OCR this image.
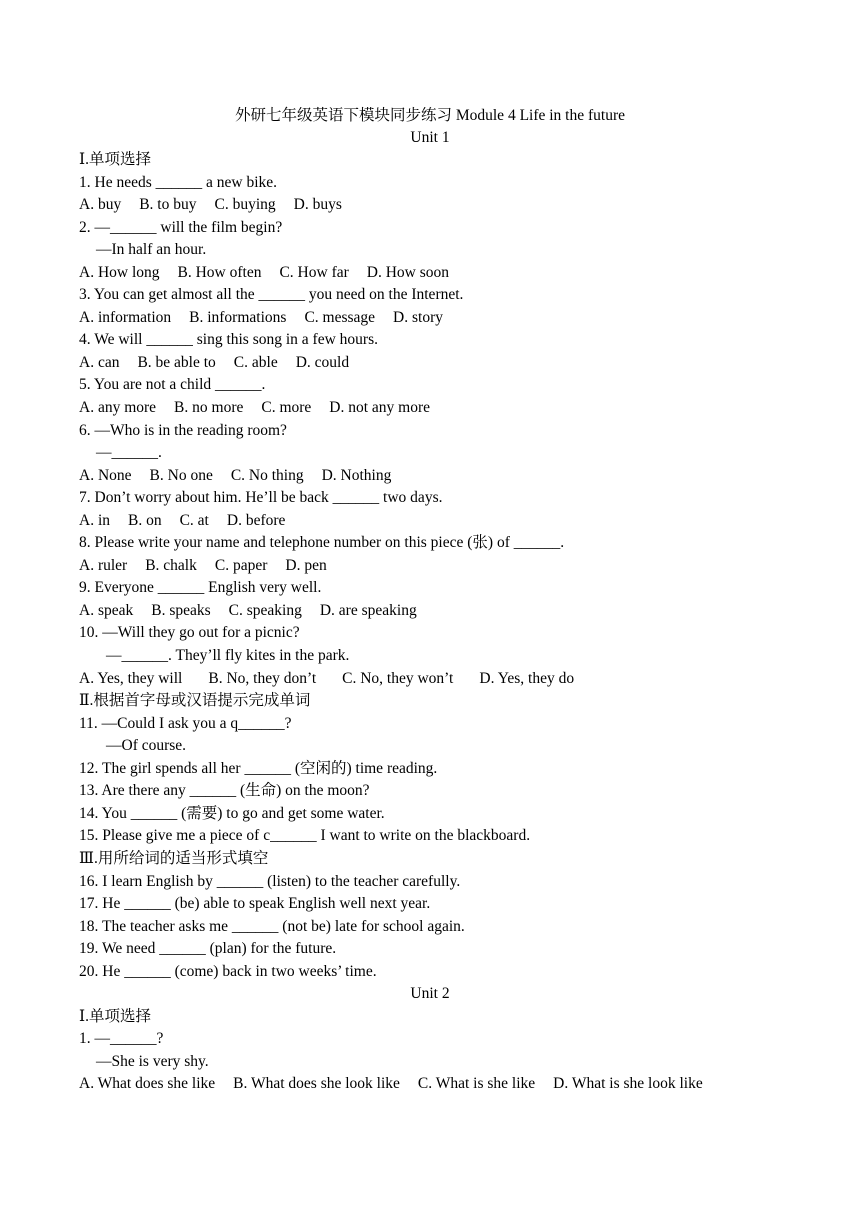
外研七年级英语下模块同步练习 Module 4 Life in the future
Unit 1
Ⅰ.单项选择
1. He needs ______ a new bike.
A. buy B. to buy C. buying D. buys
2. —______ will the film begin?
—In half an hour.
A. How long B. How often C. How far D. How soon
3. You can get almost all the ______ you need on the Internet.
A. information B. informations C. message D. story
4. We will ______ sing this song in a few hours.
A. can B. be able to C. able D. could
5. You are not a child ______.
A. any more B. no more C. more D. not any more
6. —Who is in the reading room?
—______.
A. None B. No one C. No thing D. Nothing
7. Don’t worry about him. He’ll be back ______ two days.
A. in B. on C. at D. before
8. Please write your name and telephone number on this piece (张) of ______.
A. ruler B. chalk C. paper D. pen
9. Everyone ______ English very well.
A. speak B. speaks C. speaking D. are speaking
10. —Will they go out for a picnic?
—______. They’ll fly kites in the park.
A. Yes, they will B. No, they don’t C. No, they won’t D. Yes, they do
Ⅱ.根据首字母或汉语提示完成单词
11. —Could I ask you a q______?
—Of course.
12. The girl spends all her ______ (空闲的) time reading.
13. Are there any ______ (生命) on the moon?
14. You ______ (需要) to go and get some water.
15. Please give me a piece of c______ I want to write on the blackboard.
Ⅲ.用所给词的适当形式填空
16. I learn English by ______ (listen) to the teacher carefully.
17. He ______ (be) able to speak English well next year.
18. The teacher asks me ______ (not be) late for school again.
19. We need ______ (plan) for the future.
20. He ______ (come) back in two weeks’ time.
Unit 2
Ⅰ.单项选择
1. —______?
—She is very shy.
A. What does she like B. What does she look like C. What is she like D. What is she look like
